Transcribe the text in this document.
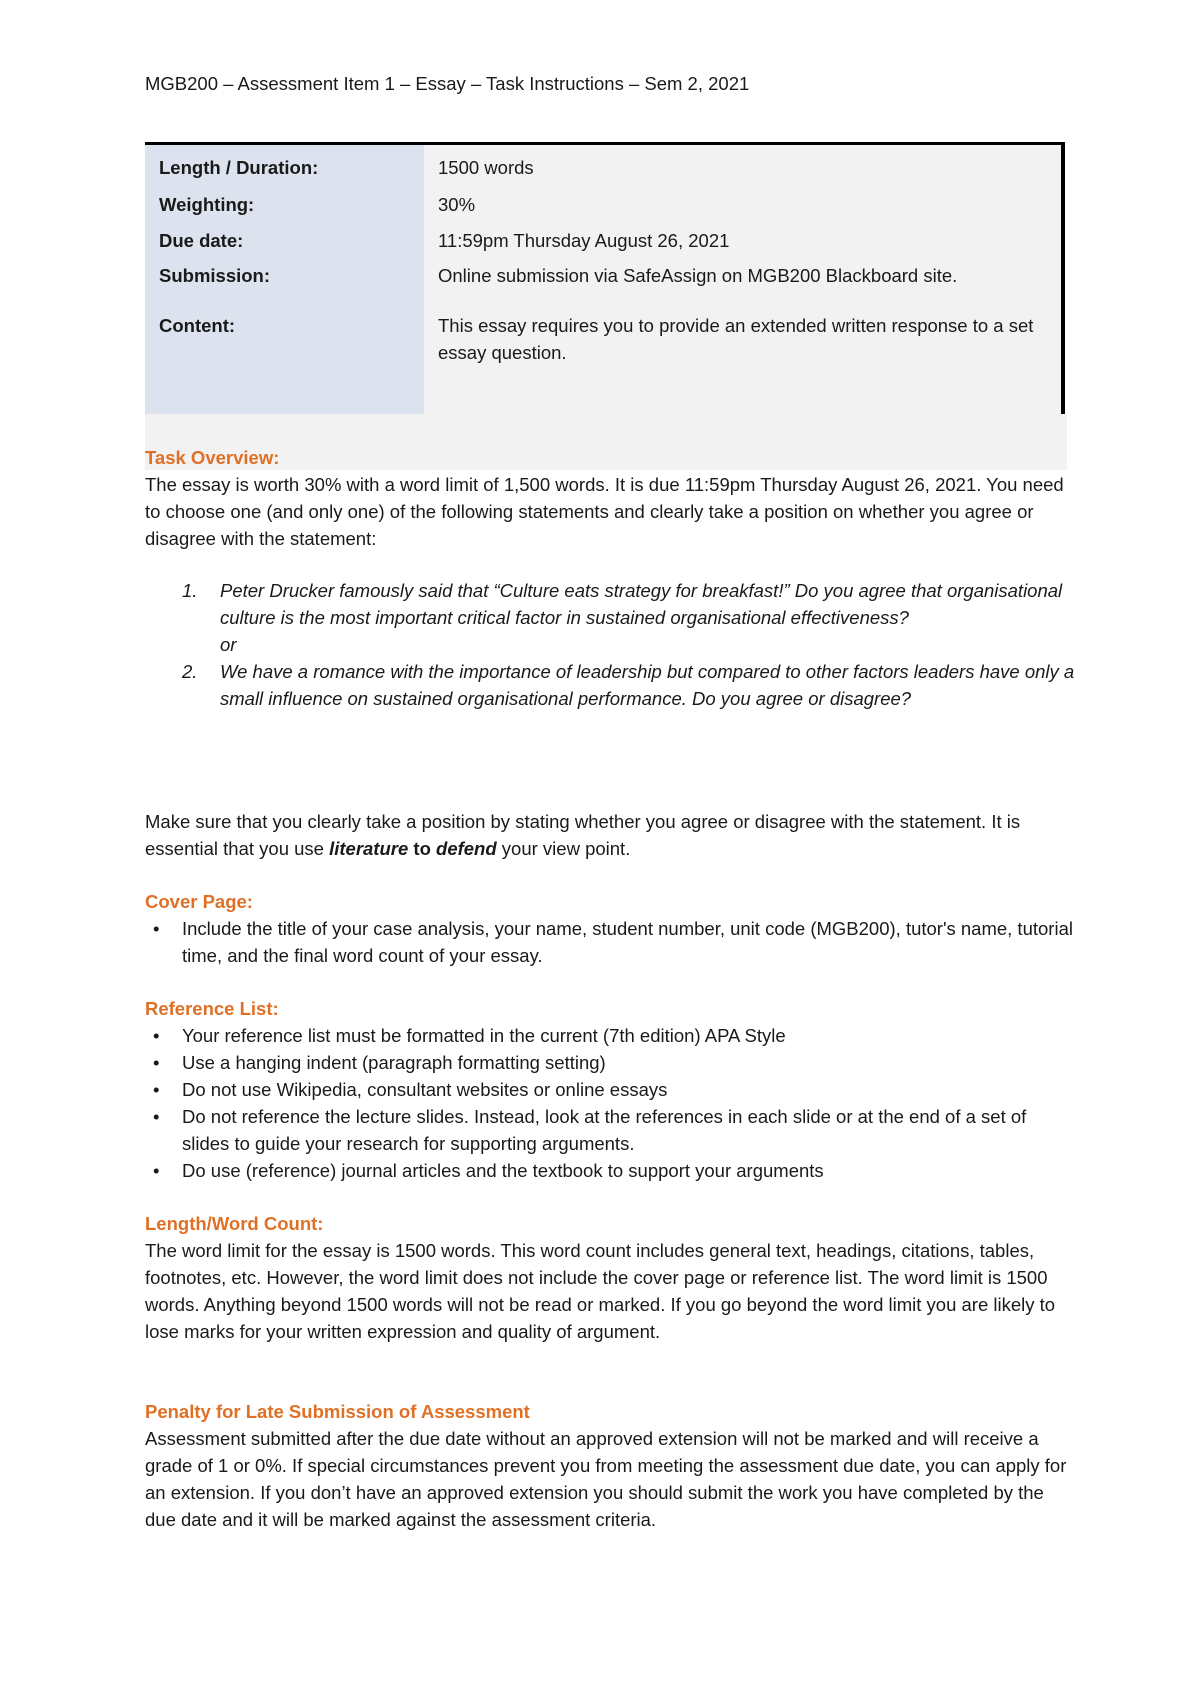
MGB200 – Assessment Item 1 – Essay – Task Instructions – Sem 2, 2021
Length / Duration:	1500 words
Weighting:	30%
Due date:	11:59pm Thursday August 26, 2021
Submission:	Online submission via SafeAssign on MGB200 Blackboard site.
Content:	This essay requires you to provide an extended written response to a set essay question.
Task Overview:
The essay is worth 30% with a word limit of 1,500 words. It is due 11:59pm Thursday August 26, 2021. You need to choose one (and only one) of the following statements and clearly take a position on whether you agree or disagree with the statement:
1. Peter Drucker famously said that “Culture eats strategy for breakfast!” Do you agree that organisational culture is the most important critical factor in sustained organisational effectiveness?
or
2. We have a romance with the importance of leadership but compared to other factors leaders have only a small influence on sustained organisational performance. Do you agree or disagree?
Make sure that you clearly take a position by stating whether you agree or disagree with the statement. It is essential that you use literature to defend your view point.
Cover Page:
• Include the title of your case analysis, your name, student number, unit code (MGB200), tutor's name, tutorial time, and the final word count of your essay.
Reference List:
• Your reference list must be formatted in the current (7th edition) APA Style
• Use a hanging indent (paragraph formatting setting)
• Do not use Wikipedia, consultant websites or online essays
• Do not reference the lecture slides. Instead, look at the references in each slide or at the end of a set of slides to guide your research for supporting arguments.
• Do use (reference) journal articles and the textbook to support your arguments
Length/Word Count:
The word limit for the essay is 1500 words. This word count includes general text, headings, citations, tables, footnotes, etc. However, the word limit does not include the cover page or reference list. The word limit is 1500 words. Anything beyond 1500 words will not be read or marked. If you go beyond the word limit you are likely to lose marks for your written expression and quality of argument.
Penalty for Late Submission of Assessment
Assessment submitted after the due date without an approved extension will not be marked and will receive a grade of 1 or 0%. If special circumstances prevent you from meeting the assessment due date, you can apply for an extension. If you don’t have an approved extension you should submit the work you have completed by the due date and it will be marked against the assessment criteria.
